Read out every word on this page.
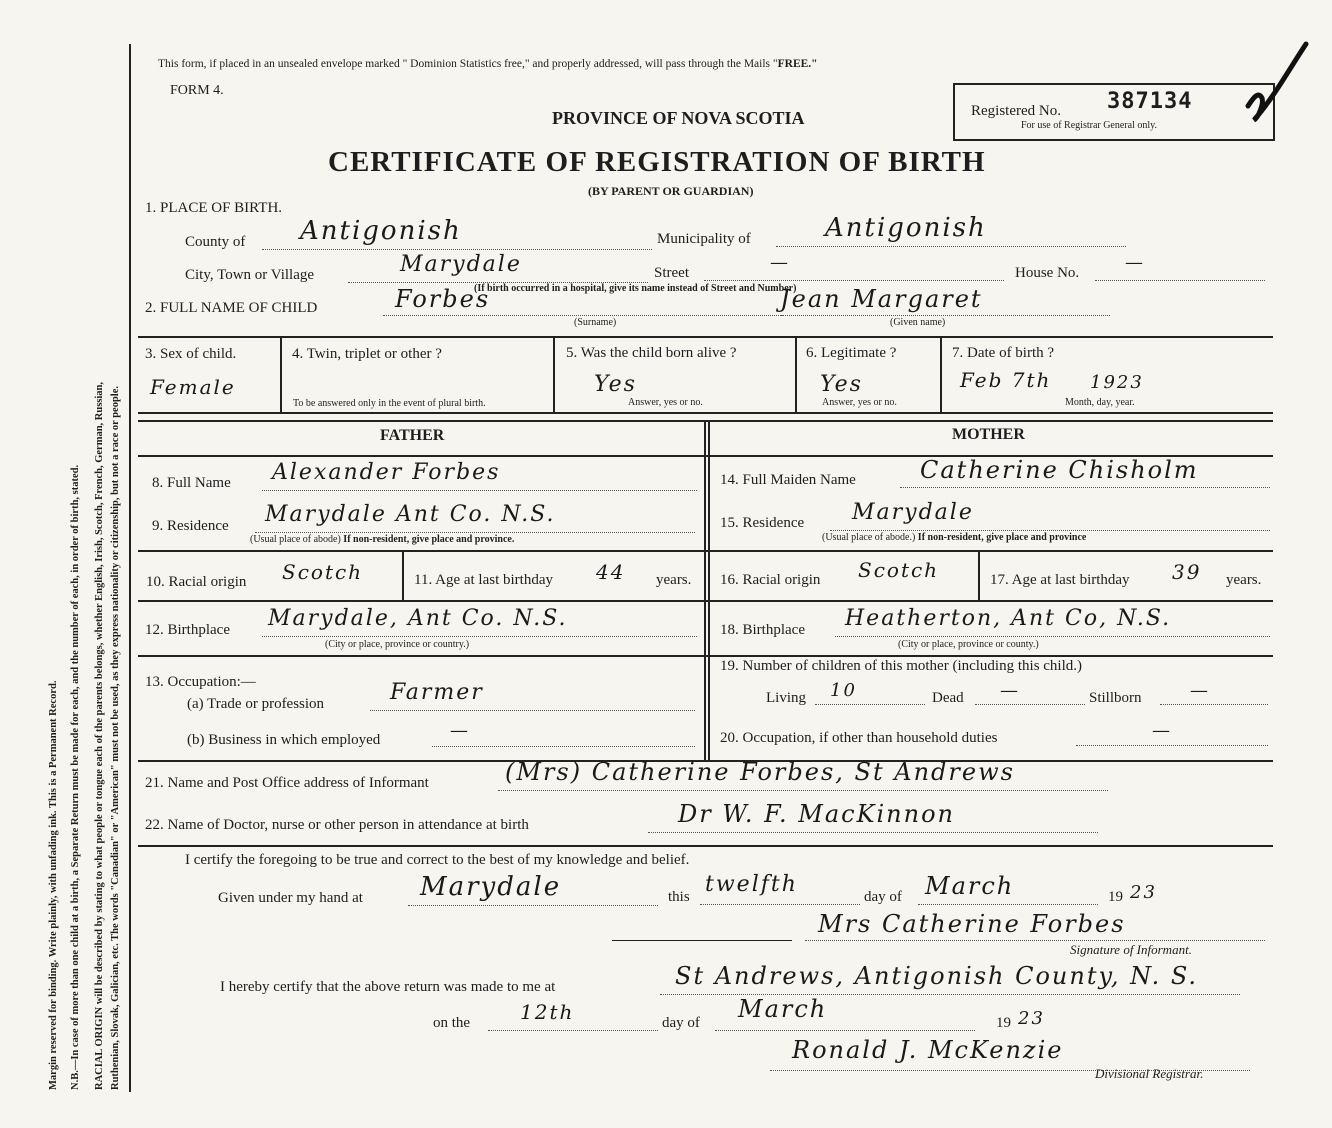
Margin reserved for binding. Write plainly, with unfading ink. This is a Permanent Record. N.B.—In case of more than one child at a birth, a Separate Return must be made for each, and the number of each, in order of birth, stated. RACIAL ORIGIN will be described by stating to what people or tongue each of the parents belongs, whether English, Irish, Scotch, French, German, Russian, Ruthenian, Slovak, Galician, etc. The words "Canadian" or "American" must not be used, as they express nationality or citizenship, but not a race or people.
This form, if placed in an unsealed envelope marked " Dominion Statistics free," and properly addressed, will pass through the Mails "FREE."
FORM 4.
PROVINCE OF NOVA SCOTIA	Registered No. 387134
For use of Registrar General only.
CERTIFICATE OF REGISTRATION OF BIRTH
(BY PARENT OR GUARDIAN)
1. PLACE OF BIRTH.
County of Antigonish	Municipality of	Antigonish
City, Town or Village	Marydale	Street	—
(If birth occurred in a hospital, give its name instead of Street and Number)
House No.	—
2. FULL NAME OF CHILD	Forbes
(Surname)
Jean Margaret
(Given name)
3. Sex of child.
Female
4. Twin, triplet or other ?
To be answered only in the event of plural birth.
5. Was the child born alive ?
Yes
Answer, yes or no.
6. Legitimate ?
Yes
Answer, yes or no.
7. Date of birth ?
Feb 7th 1923
Month, day, year.
FATHER	MOTHER
8. Full Name Alexander Forbes
9. Residence Marydale Ant Co. N.S.
(Usual place of abode) If non-resident, give place and province.
10. Racial origin Scotch	11. Age at last birthday 44 years.
12. Birthplace Marydale, Ant Co. N.S.
(City or place, province or country.)
13. Occupation:—
(a) Trade or profession	Farmer
(b) Business in which employed	—
14. Full Maiden Name	Catherine Chisholm
15. Residence Marydale
(Usual place of abode.) If non-resident, give place and province
16. Racial origin Scotch	17. Age at last birthday 39 years.
18. Birthplace Heatherton, Ant Co, N.S.
(City or place, province or county.)
19. Number of children of this mother (including this child.)
Living 10	Dead —	Stillborn	—
20. Occupation, if other than household duties	—
21. Name and Post Office address of Informant	(Mrs) Catherine Forbes, St Andrews
22. Name of Doctor, nurse or other person in attendance at birth	Dr W. F. MacKinnon
I certify the foregoing to be true and correct to the best of my knowledge and belief.
Given under my hand at Marydale	this twelfth	day of March	19 23
Mrs Catherine Forbes
Signature of Informant.
I hereby certify that the above return was made to me at	St Andrews, Antigonish County, N. S.
on the 12th	day of March	19 23
Ronald J. McKenzie
Divisional Registrar.
